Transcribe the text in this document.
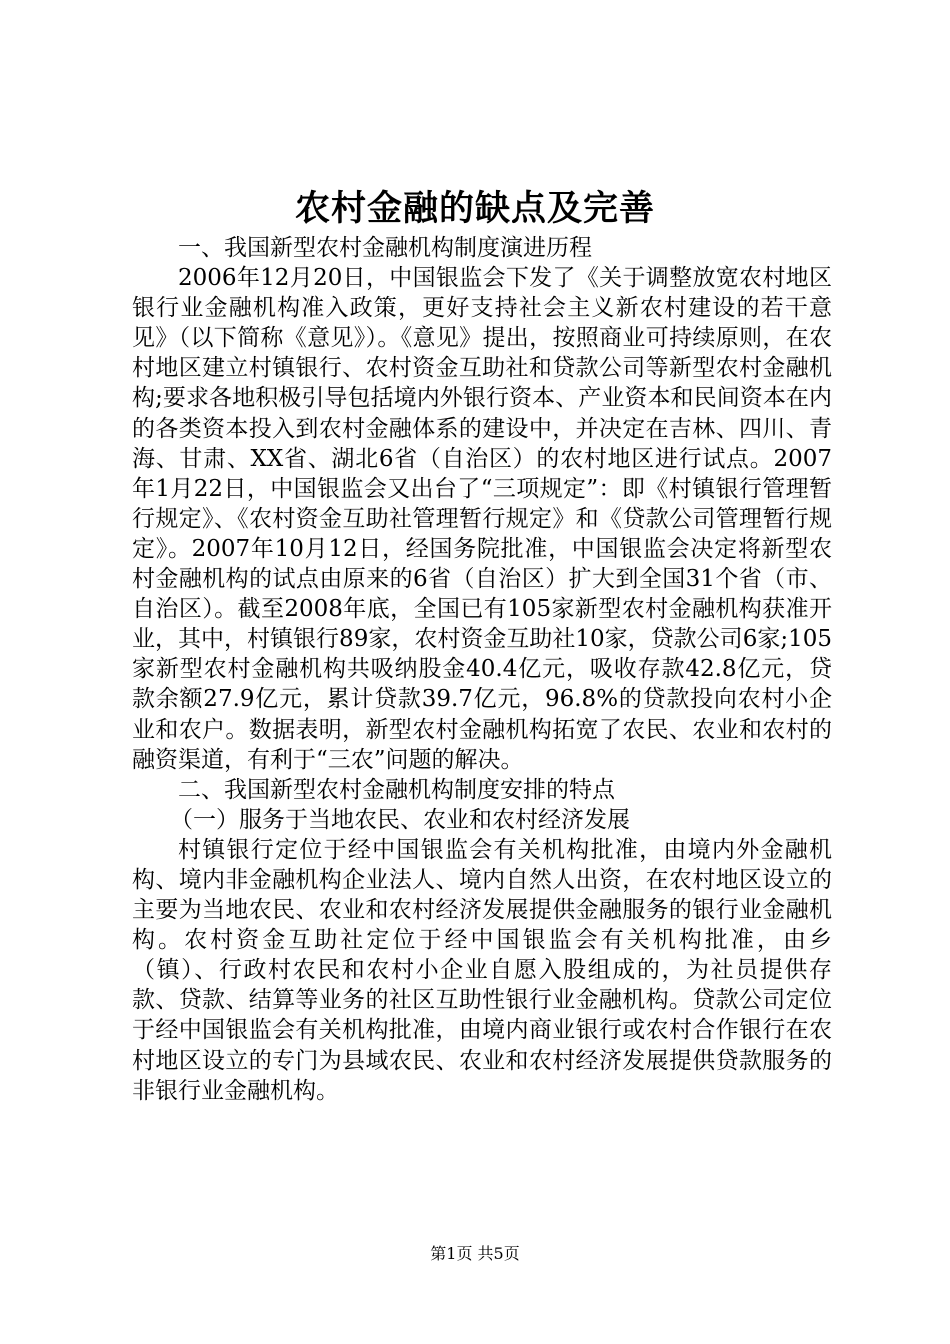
农村金融的缺点及完善

一、我国新型农村金融机构制度演进历程

2006年12月20日，中国银监会下发了《关于调整放宽农村地区银行业金融机构准入政策，更好支持社会主义新农村建设的若干意见》（以下简称《意见》）。《意见》提出，按照商业可持续原则，在农村地区建立村镇银行、农村资金互助社和贷款公司等新型农村金融机构;要求各地积极引导包括境内外银行资本、产业资本和民间资本在内的各类资本投入到农村金融体系的建设中，并决定在吉林、四川、青海、甘肃、XX省、湖北6省（自治区）的农村地区进行试点。2007年1月22日，中国银监会又出台了“三项规定”：即《村镇银行管理暂行规定》、《农村资金互助社管理暂行规定》和《贷款公司管理暂行规定》。2007年10月12日，经国务院批准，中国银监会决定将新型农村金融机构的试点由原来的6省（自治区）扩大到全国31个省（市、自治区）。截至2008年底，全国已有105家新型农村金融机构获准开业，其中，村镇银行89家，农村资金互助社10家，贷款公司6家;105家新型农村金融机构共吸纳股金40.4亿元，吸收存款42.8亿元，贷款余额27.9亿元，累计贷款39.7亿元，96.8%的贷款投向农村小企业和农户。数据表明，新型农村金融机构拓宽了农民、农业和农村的融资渠道，有利于“三农”问题的解决。

二、我国新型农村金融机构制度安排的特点

（一）服务于当地农民、农业和农村经济发展

村镇银行定位于经中国银监会有关机构批准，由境内外金融机构、境内非金融机构企业法人、境内自然人出资，在农村地区设立的主要为当地农民、农业和农村经济发展提供金融服务的银行业金融机构。农村资金互助社定位于经中国银监会有关机构批准，由乡（镇）、行政村农民和农村小企业自愿入股组成的，为社员提供存款、贷款、结算等业务的社区互助性银行业金融机构。贷款公司定位于经中国银监会有关机构批准，由境内商业银行或农村合作银行在农村地区设立的专门为县域农民、农业和农村经济发展提供贷款服务的非银行业金融机构。

第1页 共5页
